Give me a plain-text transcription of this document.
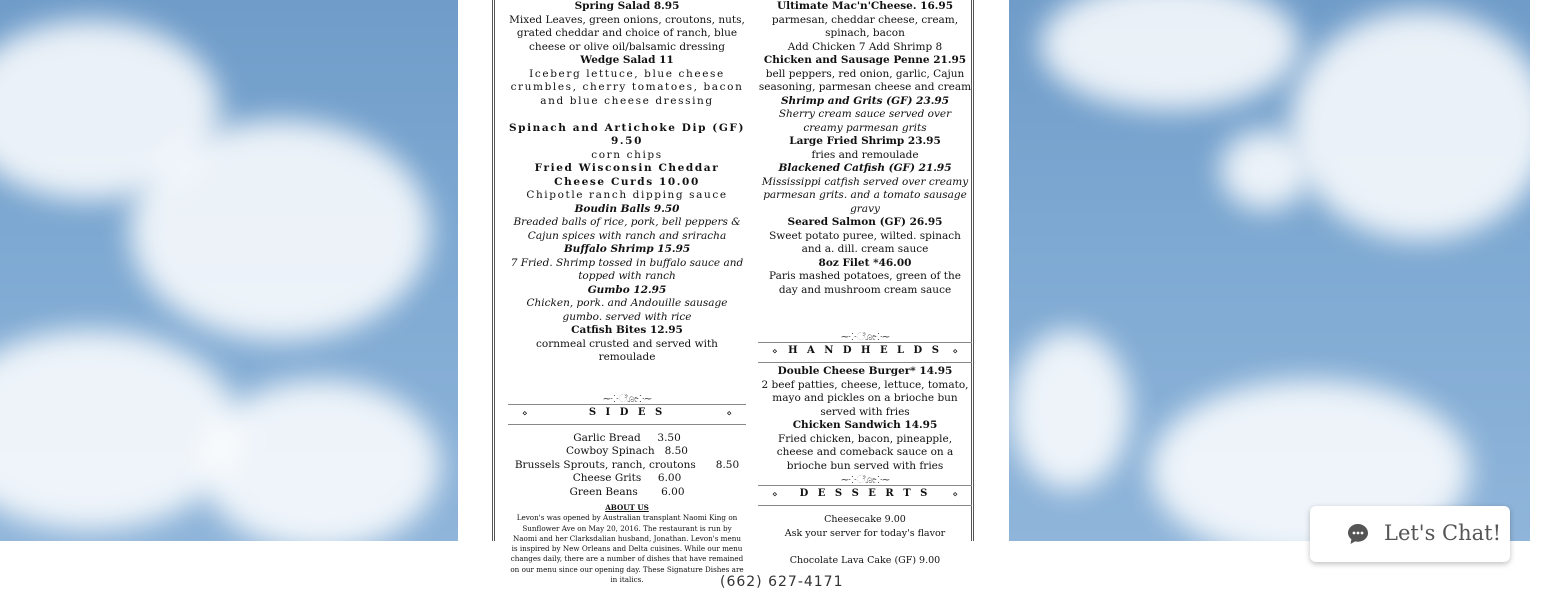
(662) 627-4171

Spring Salad 8.95

Mixed Leaves, green onions, croutons, nuts, grated cheddar and choice of ranch, blue cheese or olive oil/balsamic dressing

Wedge Salad 11

Iceberg lettuce, blue cheese crumbles, cherry tomatoes, bacon and blue cheese dressing

Spinach and Artichoke Dip (GF) 9.50

corn chips

Fried Wisconsin Cheddar Cheese Curds 10.00

Chipotle ranch dipping sauce

Boudin Balls 9.50

Breaded balls of rice, pork, bell peppers & Cajun spices with ranch and sriracha

Buffalo Shrimp 15.95

7 Fried. Shrimp tossed in buffalo sauce and topped with ranch

Gumbo 12.95

Chicken, pork. and Andouille sausage gumbo. served with rice

Catfish Bites 12.95

cornmeal crusted and served with remoulade

~⁘ೋ⁘~
⋄	S I D E S	⋄

Garlic Bread     3.50

Cowboy Spinach   8.50

Brussels Sprouts, ranch, croutons      8.50

Cheese Grits     6.00

Green Beans       6.00

ABOUT US

Levon's was opened by Australian transplant Naomi King on Sunflower Ave on May 20, 2016. The restaurant is run by Naomi and her Clarksdalian husband, Jonathan. Levon's menu is inspired by New Orleans and Delta cuisines. While our menu changes daily, there are a number of dishes that have remained on our menu since our opening day. These Signature Dishes are in italics.

Ultimate Mac'n'Cheese. 16.95

parmesan, cheddar cheese, cream, spinach, bacon

Add Chicken 7 Add Shrimp 8

Chicken and Sausage Penne 21.95

bell peppers, red onion, garlic, Cajun seasoning, parmesan cheese and cream

Shrimp and Grits (GF) 23.95

Sherry cream sauce served over creamy parmesan grits

Large Fried Shrimp 23.95

fries and remoulade

Blackened Catfish (GF) 21.95

Mississippi catfish served over creamy parmesan grits. and a tomato sausage gravy

Seared Salmon (GF) 26.95

Sweet potato puree, wilted. spinach and a. dill. cream sauce

8oz Filet *46.00

Paris mashed potatoes, green of the day and mushroom cream sauce

~⁘ೋ⁘~
⋄	H A N D H E L D S	⋄

Double Cheese Burger* 14.95

2 beef patties, cheese, lettuce, tomato, mayo and pickles on a brioche bun served with fries

Chicken Sandwich 14.95

Fried chicken, bacon, pineapple, cheese and comeback sauce on a brioche bun served with fries

~⁘ೋ⁘~
⋄	D E S S E R T S	⋄

Cheesecake 9.00

Ask your server for today's flavor

Chocolate Lava Cake (GF) 9.00

Let's Chat!
